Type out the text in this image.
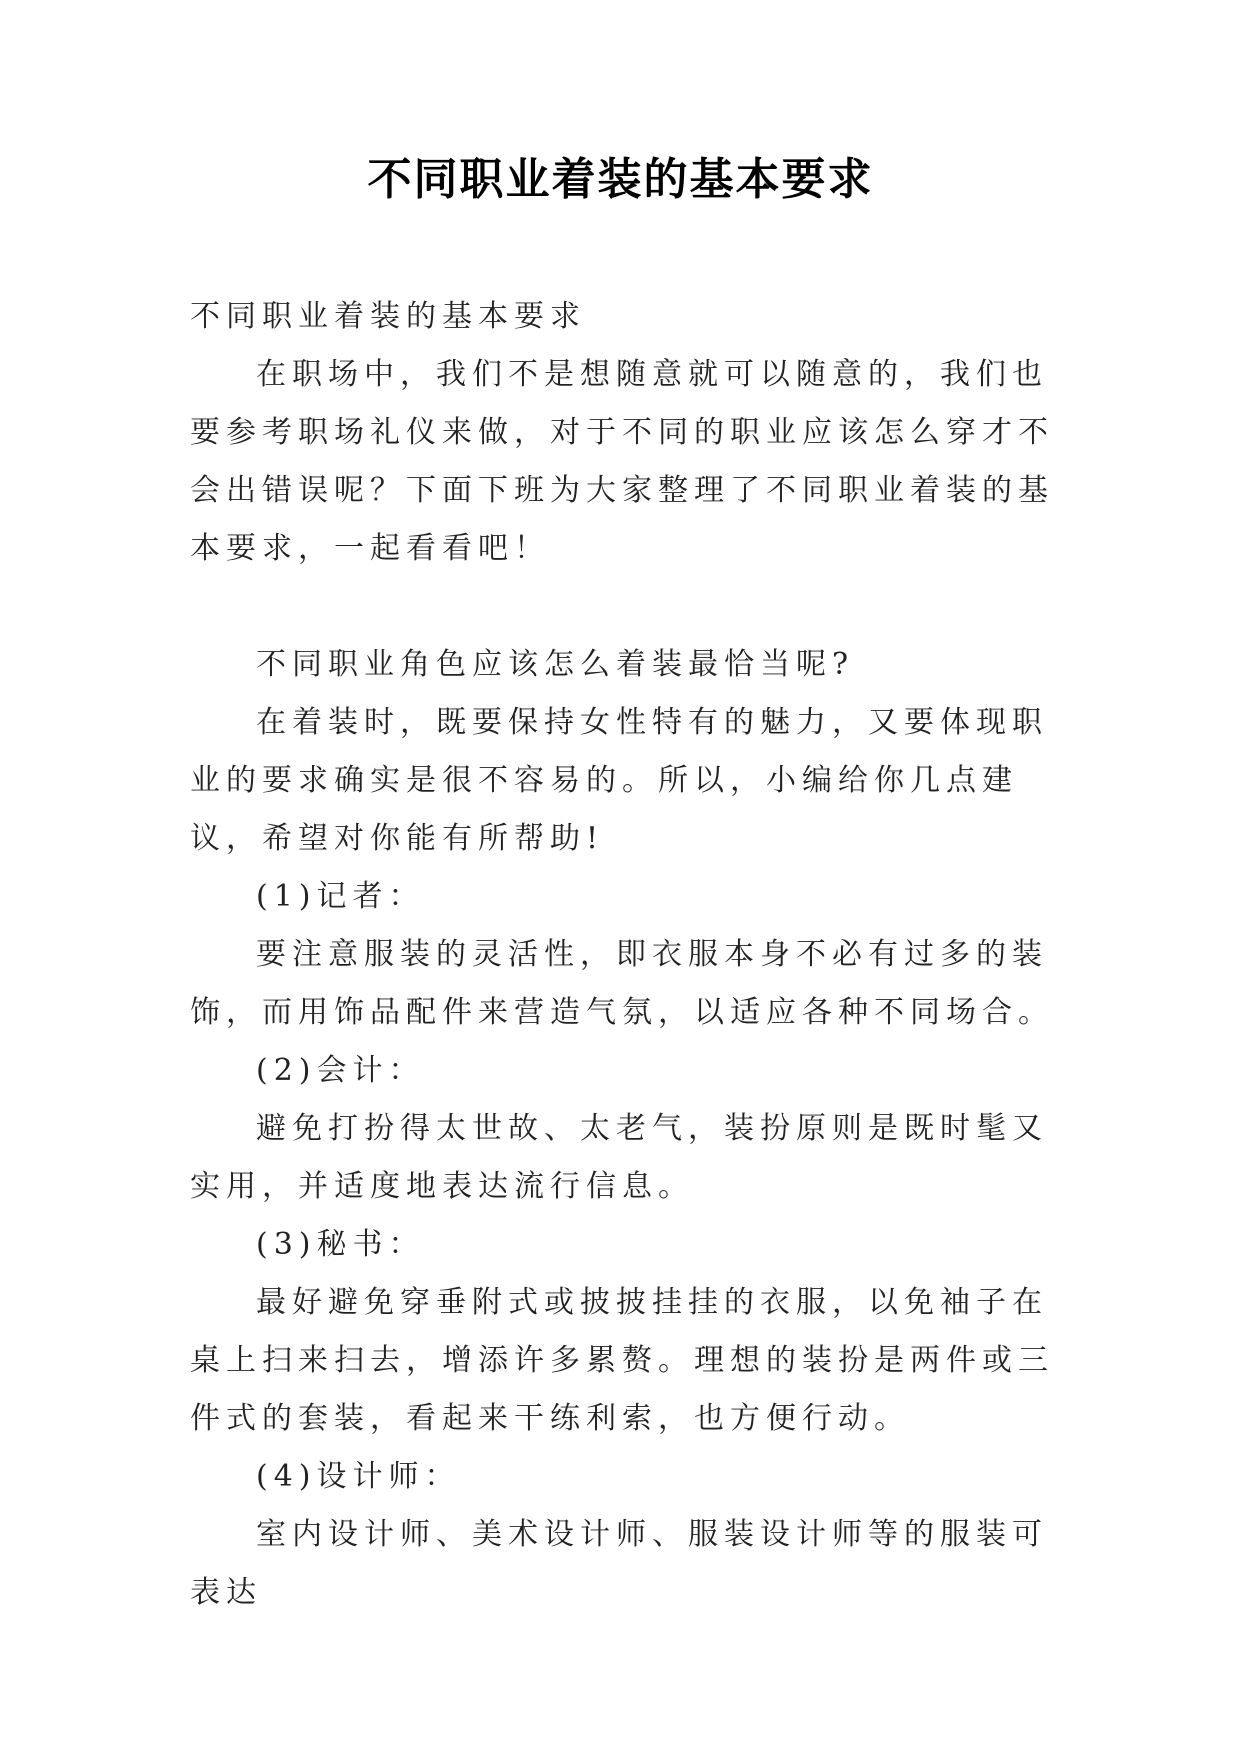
不同职业着装的基本要求

不同职业着装的基本要求

在职场中，我们不是想随意就可以随意的，我们也要参考职场礼仪来做，对于不同的职业应该怎么穿才不会出错误呢？下面下班为大家整理了不同职业着装的基本要求，一起看看吧！

不同职业角色应该怎么着装最恰当呢?

在着装时，既要保持女性特有的魅力，又要体现职业的要求确实是很不容易的。所以，小编给你几点建议，希望对你能有所帮助!

(1)记者：

要注意服装的灵活性，即衣服本身不必有过多的装饰，而用饰品配件来营造气氛，以适应各种不同场合。

(2)会计：

避免打扮得太世故、太老气，装扮原则是既时髦又实用，并适度地表达流行信息。

(3)秘书：

最好避免穿垂附式或披披挂挂的衣服，以免袖子在桌上扫来扫去，增添许多累赘。理想的装扮是两件或三件式的套装，看起来干练利索，也方便行动。

(4)设计师：

室内设计师、美术设计师、服装设计师等的服装可表达
